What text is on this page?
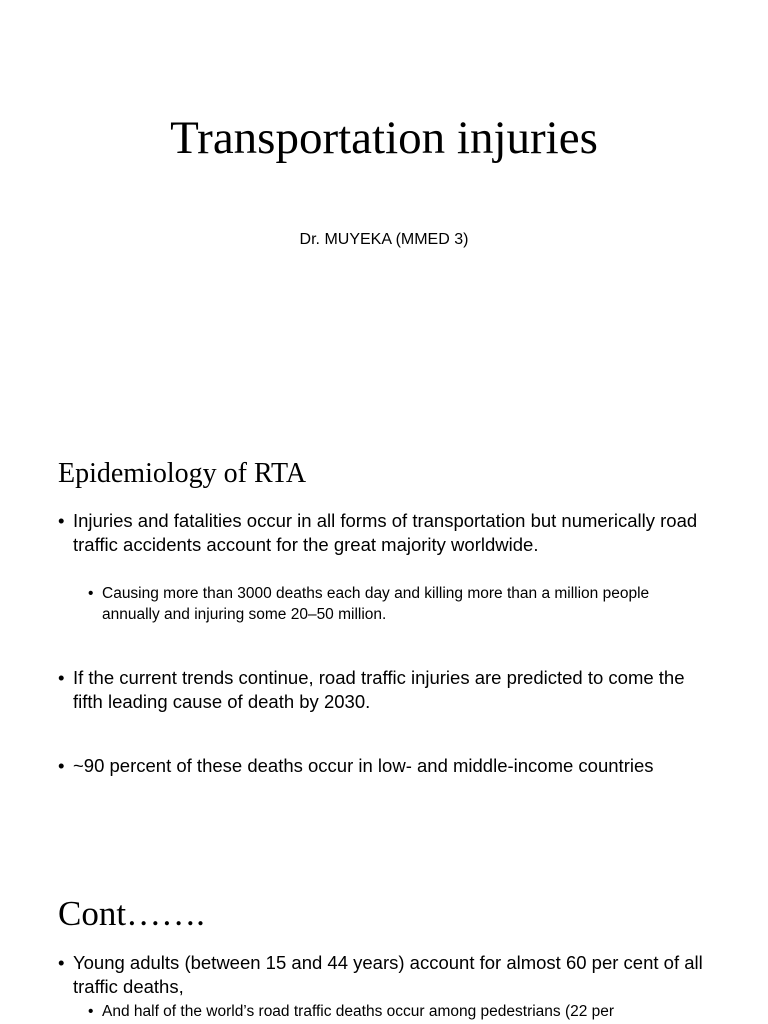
Transportation injuries

Dr. MUYEKA (MMED 3)

Epidemiology of RTA
• Injuries and fatalities occur in all forms of transportation but numerically road traffic accidents account for the great majority worldwide.
• Causing more than 3000 deaths each day and killing more than a million people annually and injuring some 20–50 million.
• If the current trends continue, road traffic injuries are predicted to come the fifth leading cause of death by 2030.
• ~90 percent of these deaths occur in low- and middle-income countries
Cont…….
• Young adults (between 15 and 44 years) account for almost 60 per cent of all traffic deaths,
• And half of the world’s road traffic deaths occur among pedestrians (22 per
